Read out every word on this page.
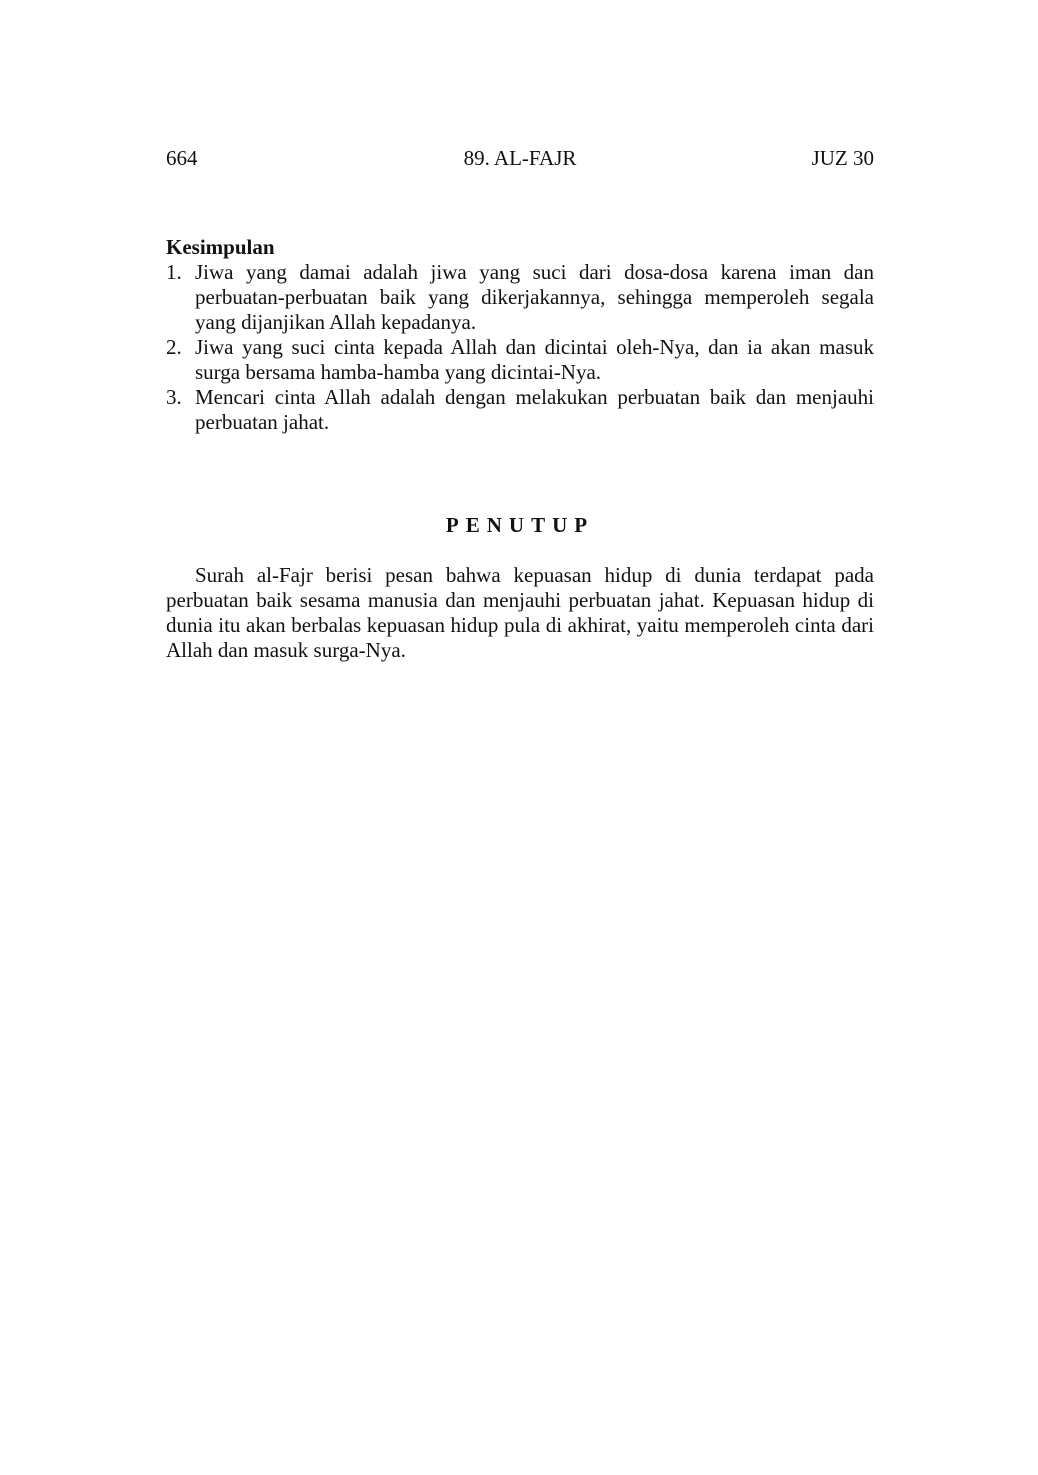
664	89. AL-FAJR	JUZ 30
Kesimpulan
1. Jiwa yang damai adalah jiwa yang suci dari dosa-dosa karena iman dan perbuatan-perbuatan baik yang dikerjakannya, sehingga memperoleh segala yang dijanjikan Allah kepadanya.
2. Jiwa yang suci cinta kepada Allah dan dicintai oleh-Nya, dan ia akan masuk surga bersama hamba-hamba yang dicintai-Nya.
3. Mencari cinta Allah adalah dengan melakukan perbuatan baik dan menjauhi perbuatan jahat.
PENUTUP

Surah al-Fajr berisi pesan bahwa kepuasan hidup di dunia terdapat pada perbuatan baik sesama manusia dan menjauhi perbuatan jahat. Kepuasan hidup di dunia itu akan berbalas kepuasan hidup pula di akhirat, yaitu memperoleh cinta dari Allah dan masuk surga-Nya.
